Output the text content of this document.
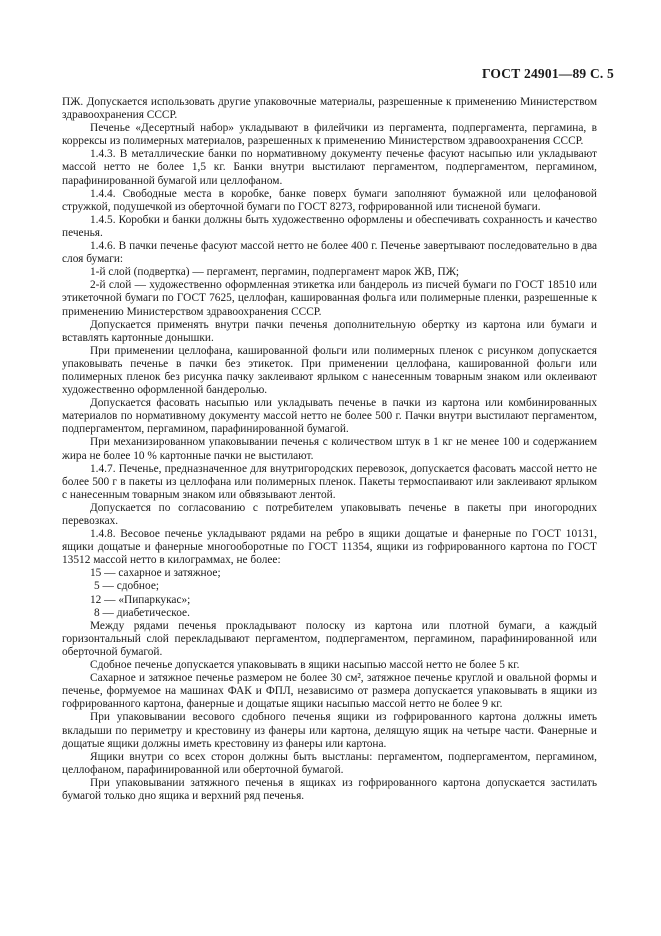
ГОСТ 24901—89 С. 5

ПЖ. Допускается использовать другие упаковочные материалы, разрешенные к применению Министерством здравоохранения СССР.

Печенье «Десертный набор» укладывают в филейчики из пергамента, подпергамента, пергамина, в коррексы из полимерных материалов, разрешенных к применению Министерством здравоохранения СССР.

1.4.3. В металлические банки по нормативному документу печенье фасуют насыпью или укладывают массой нетто не более 1,5 кг. Банки внутри выстилают пергаментом, подпергаментом, пергамином, парафинированной бумагой или целлофаном.

1.4.4. Свободные места в коробке, банке поверх бумаги заполняют бумажной или целофановой стружкой, подушечкой из оберточной бумаги по ГОСТ 8273, гофрированной или тисненой бумаги.

1.4.5. Коробки и банки должны быть художественно оформлены и обеспечивать сохранность и качество печенья.

1.4.6. В пачки печенье фасуют массой нетто не более 400 г. Печенье завертывают последовательно в два слоя бумаги:

1-й слой (подвертка) — пергамент, пергамин, подпергамент марок ЖВ, ПЖ;

2-й слой — художественно оформленная этикетка или бандероль из писчей бумаги по ГОСТ 18510 или этикеточной бумаги по ГОСТ 7625, целлофан, кашированная фольга или полимерные пленки, разрешенные к применению Министерством здравоохранения СССР.

Допускается применять внутри пачки печенья дополнительную обертку из картона или бумаги и вставлять картонные донышки.

При применении целлофана, кашированной фольги или полимерных пленок с рисунком допускается упаковывать печенье в пачки без этикеток. При применении целлофана, кашированной фольги или полимерных пленок без рисунка пачку заклеивают ярлыком с нанесенным товарным знаком или оклеивают художественно оформленной бандеролью.

Допускается фасовать насыпью или укладывать печенье в пачки из картона или комбинированных материалов по нормативному документу массой нетто не более 500 г. Пачки внутри выстилают пергаментом, подпергаментом, пергамином, парафинированной бумагой.

При механизированном упаковывании печенья с количеством штук в 1 кг не менее 100 и содержанием жира не более 10 % картонные пачки не выстилают.

1.4.7. Печенье, предназначенное для внутригородских перевозок, допускается фасовать массой нетто не более 500 г в пакеты из целлофана или полимерных пленок. Пакеты термоспаивают или заклеивают ярлыком с нанесенным товарным знаком или обвязывают лентой.

Допускается по согласованию с потребителем упаковывать печенье в пакеты при иногородних перевозках.

1.4.8. Весовое печенье укладывают рядами на ребро в ящики дощатые и фанерные по ГОСТ 10131, ящики дощатые и фанерные многооборотные по ГОСТ 11354, ящики из гофрированного картона по ГОСТ 13512 массой нетто в килограммах, не более:

15 — сахарное и затяжное;

5 — сдобное;

12 — «Пипаркукас»;

8 — диабетическое.

Между рядами печенья прокладывают полоску из картона или плотной бумаги, а каждый горизонтальный слой перекладывают пергаментом, подпергаментом, пергамином, парафинированной или оберточной бумагой.

Сдобное печенье допускается упаковывать в ящики насыпью массой нетто не более 5 кг.

Сахарное и затяжное печенье размером не более 30 см², затяжное печенье круглой и овальной формы и печенье, формуемое на машинах ФАК и ФПЛ, независимо от размера допускается упаковывать в ящики из гофрированного картона, фанерные и дощатые ящики насыпью массой нетто не более 9 кг.

При упаковывании весового сдобного печенья ящики из гофрированного картона должны иметь вкладыши по периметру и крестовину из фанеры или картона, делящую ящик на четыре части. Фанерные и дощатые ящики должны иметь крестовину из фанеры или картона.

Ящики внутри со всех сторон должны быть выстланы: пергаментом, подпергаментом, пергамином, целлофаном, парафинированной или оберточной бумагой.

При упаковывании затяжного печенья в ящиках из гофрированного картона допускается застилать бумагой только дно ящика и верхний ряд печенья.
